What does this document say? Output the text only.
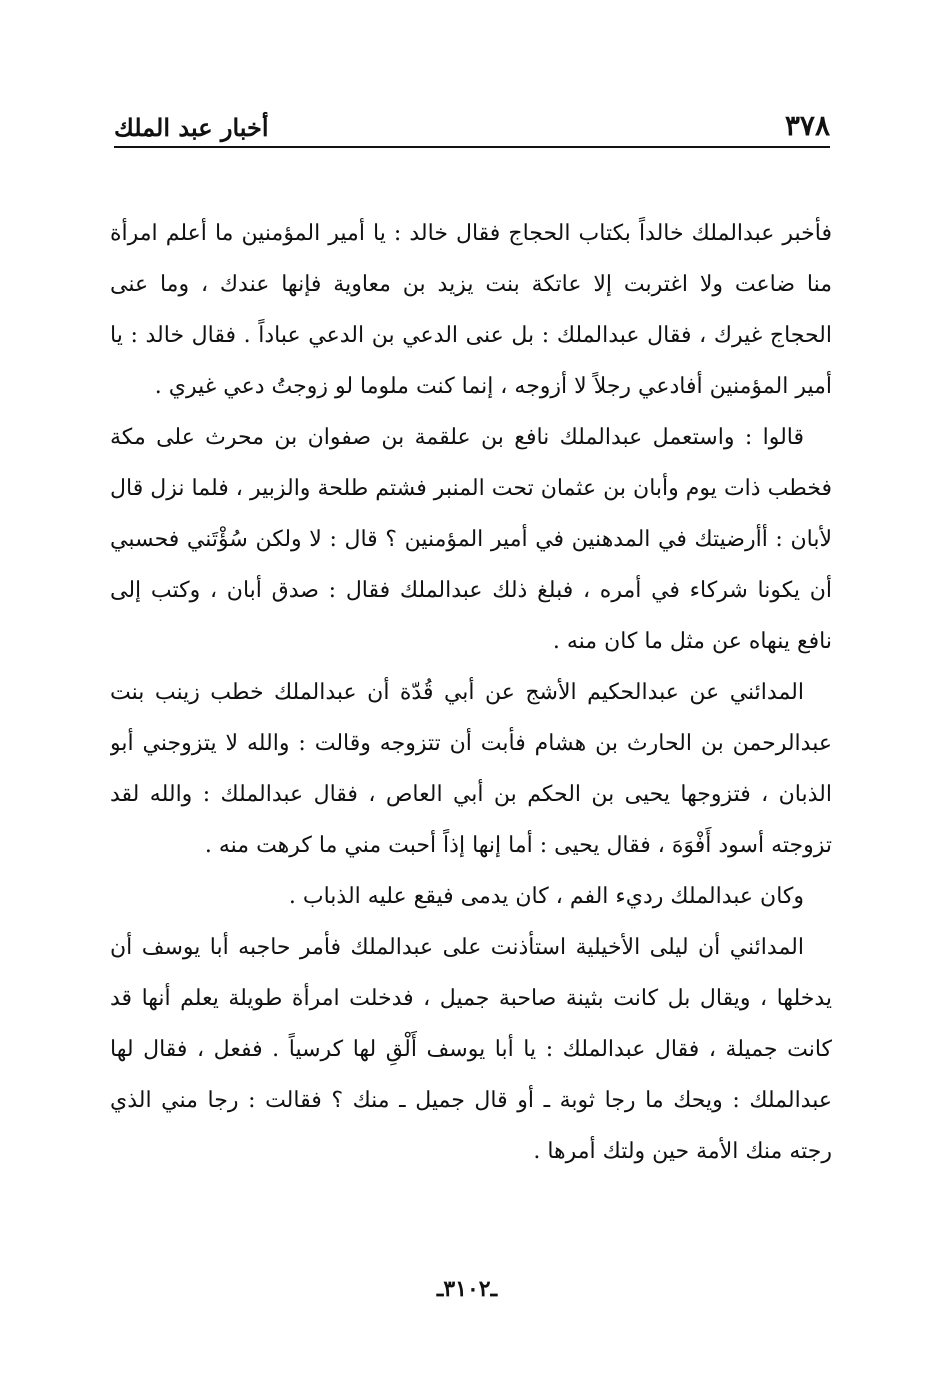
٣٧٨
أخبار عبد الملك

فأخبر عبدالملك خالداً بكتاب الحجاج فقال خالد : يا أمير المؤمنين ما أعلم امرأة منا ضاعت ولا اغتربت إلا عاتكة بنت يزيد بن معاوية فإنها عندك ، وما عنى الحجاج غيرك ، فقال عبدالملك : بل عنى الدعي بن الدعي عباداً . فقال خالد : يا أمير المؤمنين أفادعي رجلاً لا أزوجه ، إنما كنت ملوما لو زوجتُ دعي غيري .

قالوا : واستعمل عبدالملك نافع بن علقمة بن صفوان بن محرث على مكة فخطب ذات يوم وأبان بن عثمان تحت المنبر فشتم طلحة والزبير ، فلما نزل قال لأبان : أأرضيتك في المدهنين في أمير المؤمنين ؟ قال : لا ولكن سُؤْتَني فحسبي أن يكونا شركاء في أمره ، فبلغ ذلك عبدالملك فقال : صدق أبان ، وكتب إلى نافع ينهاه عن مثل ما كان منه .

المدائني عن عبدالحكيم الأشج عن أبي قُدّة أن عبدالملك خطب زينب بنت عبدالرحمن بن الحارث بن هشام فأبت أن تتزوجه وقالت : والله لا يتزوجني أبو الذبان ، فتزوجها يحيى بن الحكم بن أبي العاص ، فقال عبدالملك : والله لقد تزوجته أسود أَفْوَهَ ، فقال يحيى : أما إنها إذاً أحبت مني ما كرهت منه .

وكان عبدالملك رديء الفم ، كان يدمى فيقع عليه الذباب .

المدائني أن ليلى الأخيلية استأذنت على عبدالملك فأمر حاجبه أبا يوسف أن يدخلها ، ويقال بل كانت بثينة صاحبة جميل ، فدخلت امرأة طويلة يعلم أنها قد كانت جميلة ، فقال عبدالملك : يا أبا يوسف أَلْقِ لها كرسياً . ففعل ، فقال لها عبدالملك : ويحك ما رجا ثوبة ـ أو قال جميل ـ منك ؟ فقالت : رجا مني الذي رجته منك الأمة حين ولتك أمرها .

ـ٣١٠٢ـ
